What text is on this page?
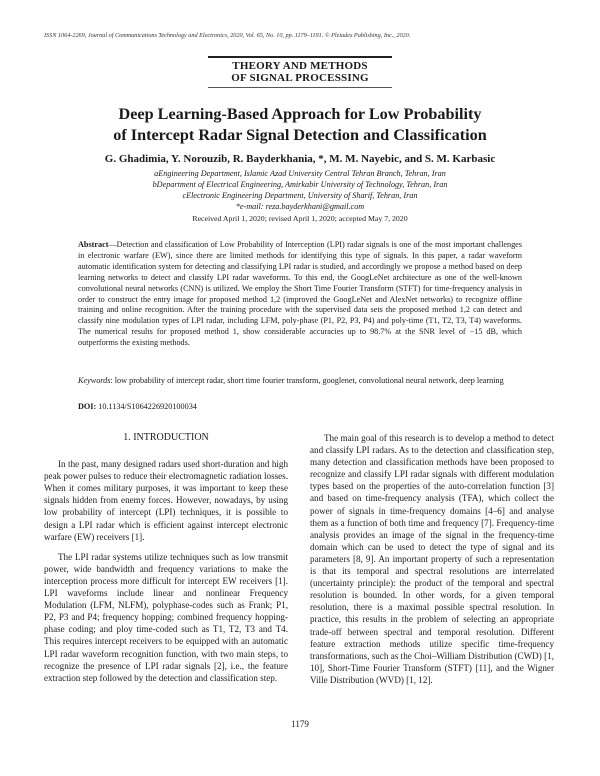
ISSN 1064-2269, Journal of Communications Technology and Electronics, 2020, Vol. 65, No. 10, pp. 1179–1191. © Pleiades Publishing, Inc., 2020.
THEORY AND METHODS
OF SIGNAL PROCESSING
Deep Learning-Based Approach for Low Probability
of Intercept Radar Signal Detection and Classification
G. Ghadimia, Y. Norouzib, R. Bayderkhania, *, M. M. Nayebic, and S. M. Karbasic
aEngineering Department, Islamic Azad University Central Tehran Branch, Tehran, Iran
bDepartment of Electrical Engineering, Amirkabir University of Technology, Tehran, Iran
cElectronic Engineering Department, University of Sharif, Tehran, Iran
*e-mail: reza.bayderkhani@gmail.com
Received April 1, 2020; revised April 1, 2020; accepted May 7, 2020

Abstract—Detection and classification of Low Probability of Interception (LPI) radar signals is one of the most important challenges in electronic warfare (EW), since there are limited methods for identifying this type of signals. In this paper, a radar waveform automatic identification system for detecting and classifying LPI radar is studied, and accordingly we propose a method based on deep learning networks to detect and classify LPI radar waveforms. To this end, the GoogLeNet architecture as one of the well-known convolutional neural networks (CNN) is utilized. We employ the Short Time Fourier Transform (STFT) for time-frequency analysis in order to construct the entry image for proposed method 1,2 (improved the GoogLeNet and AlexNet networks) to recognize offline training and online recognition. After the training procedure with the supervised data sets the proposed method 1,2 can detect and classify nine modulation types of LPI radar, including LFM, poly-phase (P1, P2, P3, P4) and poly-time (T1, T2, T3, T4) waveforms. The numerical results for proposed method 1, show considerable accuracies up to 98.7% at the SNR level of −15 dB, which outperforms the existing methods.

Keywords: low probability of intercept radar, short time fourier transform, googlenet, convolutional neural network, deep learning

DOI: 10.1134/S1064226920100034

1. INTRODUCTION

In the past, many designed radars used short-duration and high peak power pulses to reduce their electromagnetic radiation losses. When it comes military purposes, it was important to keep these signals hidden from enemy forces. However, nowadays, by using low probability of intercept (LPI) techniques, it is possible to design a LPI radar which is efficient against intercept electronic warfare (EW) receivers [1].

The LPI radar systems utilize techniques such as low transmit power, wide bandwidth and frequency variations to make the interception process more difficult for intercept EW receivers [1]. LPI waveforms include linear and nonlinear Frequency Modulation (LFM, NLFM), polyphase-codes such as Frank; P1, P2, P3 and P4; frequency hopping; combined frequency hopping-phase coding; and ploy time-coded such as T1, T2, T3 and T4. This requires intercept receivers to be equipped with an automatic LPI radar waveform recognition function, with two main steps, to recognize the presence of LPI radar signals [2], i.e., the feature extraction step followed by the detection and classification step.

The main goal of this research is to develop a method to detect and classify LPI radars. As to the detection and classification step, many detection and classification methods have been proposed to recognize and classify LPI radar signals with different modulation types based on the properties of the auto-correlation function [3] and based on time-frequency analysis (TFA), which collect the power of signals in time-frequency domains [4–6] and analyse them as a function of both time and frequency [7]. Frequency-time analysis provides an image of the signal in the frequency-time domain which can be used to detect the type of signal and its parameters [8, 9]. An important property of such a representation is that its temporal and spectral resolutions are interrelated (uncertainty principle): the product of the temporal and spectral resolution is bounded. In other words, for a given temporal resolution, there is a maximal possible spectral resolution. In practice, this results in the problem of selecting an appropriate trade-off between spectral and temporal resolution. Different feature extraction methods utilize specific time-frequency transformations, such as the Choi–William Distribution (CWD) [1, 10], Short-Time Fourier Transform (STFT) [11], and the Wigner Ville Distribution (WVD) [1, 12].

1179
